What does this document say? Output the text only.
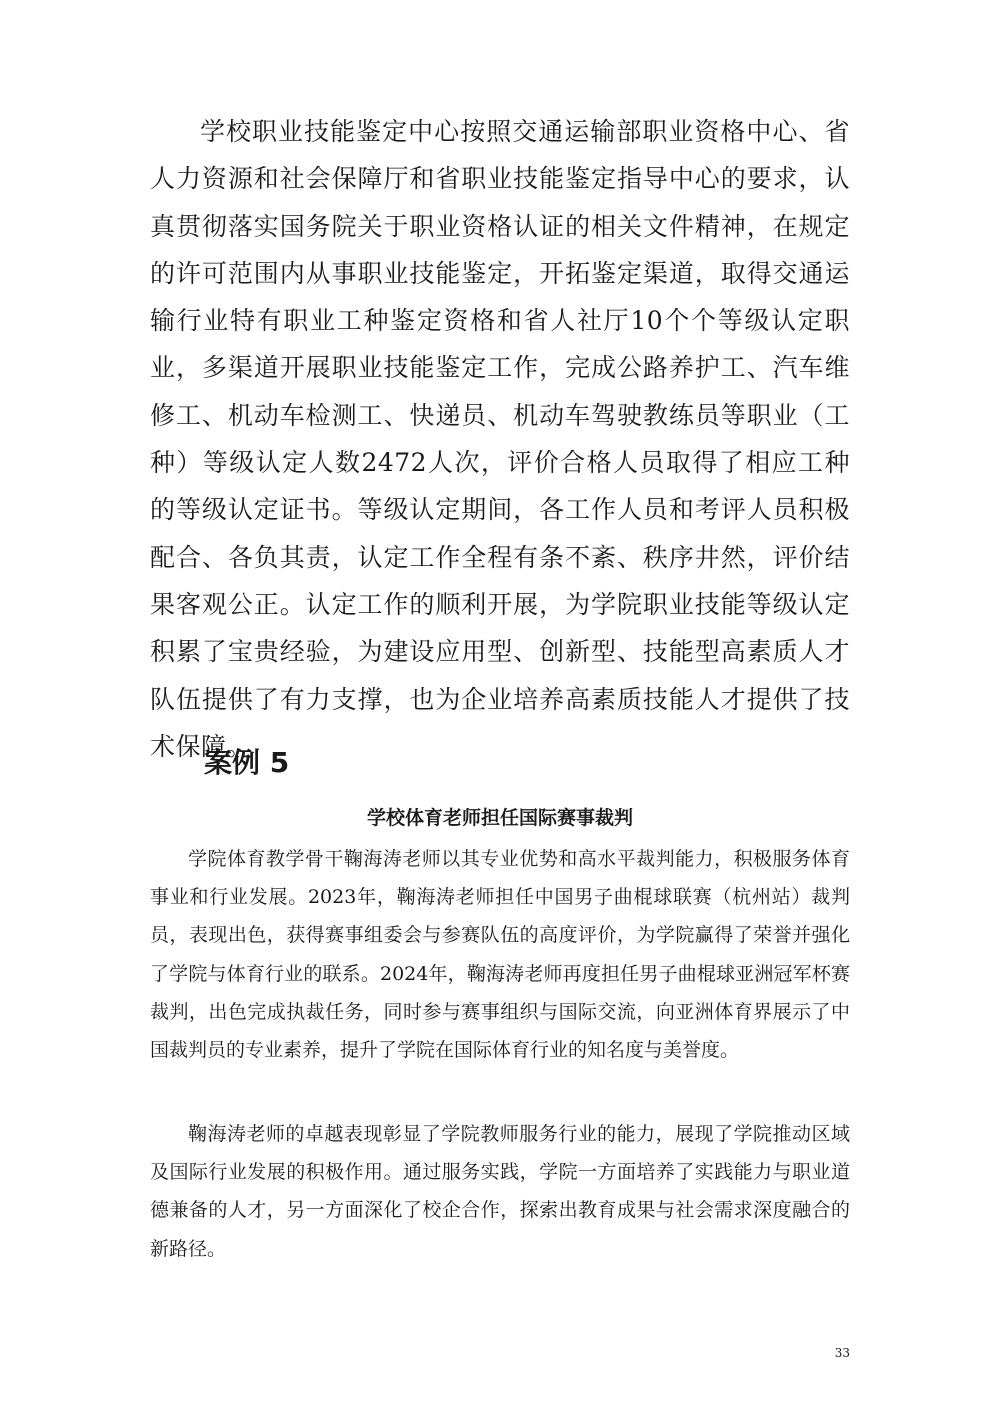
学校职业技能鉴定中心按照交通运输部职业资格中心、省人力资源和社会保障厅和省职业技能鉴定指导中心的要求，认真贯彻落实国务院关于职业资格认证的相关文件精神，在规定的许可范围内从事职业技能鉴定，开拓鉴定渠道，取得交通运输行业特有职业工种鉴定资格和省人社厅10个个等级认定职业，多渠道开展职业技能鉴定工作，完成公路养护工、汽车维修工、机动车检测工、快递员、机动车驾驶教练员等职业（工种）等级认定人数2472人次，评价合格人员取得了相应工种的等级认定证书。等级认定期间，各工作人员和考评人员积极配合、各负其责，认定工作全程有条不紊、秩序井然，评价结果客观公正。认定工作的顺利开展，为学院职业技能等级认定积累了宝贵经验，为建设应用型、创新型、技能型高素质人才队伍提供了有力支撑，也为企业培养高素质技能人才提供了技术保障。

案例 5
学校体育老师担任国际赛事裁判

学院体育教学骨干鞠海涛老师以其专业优势和高水平裁判能力，积极服务体育事业和行业发展。2023年，鞠海涛老师担任中国男子曲棍球联赛（杭州站）裁判员，表现出色，获得赛事组委会与参赛队伍的高度评价，为学院赢得了荣誉并强化了学院与体育行业的联系。2024年，鞠海涛老师再度担任男子曲棍球亚洲冠军杯赛裁判，出色完成执裁任务，同时参与赛事组织与国际交流，向亚洲体育界展示了中国裁判员的专业素养，提升了学院在国际体育行业的知名度与美誉度。

鞠海涛老师的卓越表现彰显了学院教师服务行业的能力，展现了学院推动区域及国际行业发展的积极作用。通过服务实践，学院一方面培养了实践能力与职业道德兼备的人才，另一方面深化了校企合作，探索出教育成果与社会需求深度融合的新路径。

33
